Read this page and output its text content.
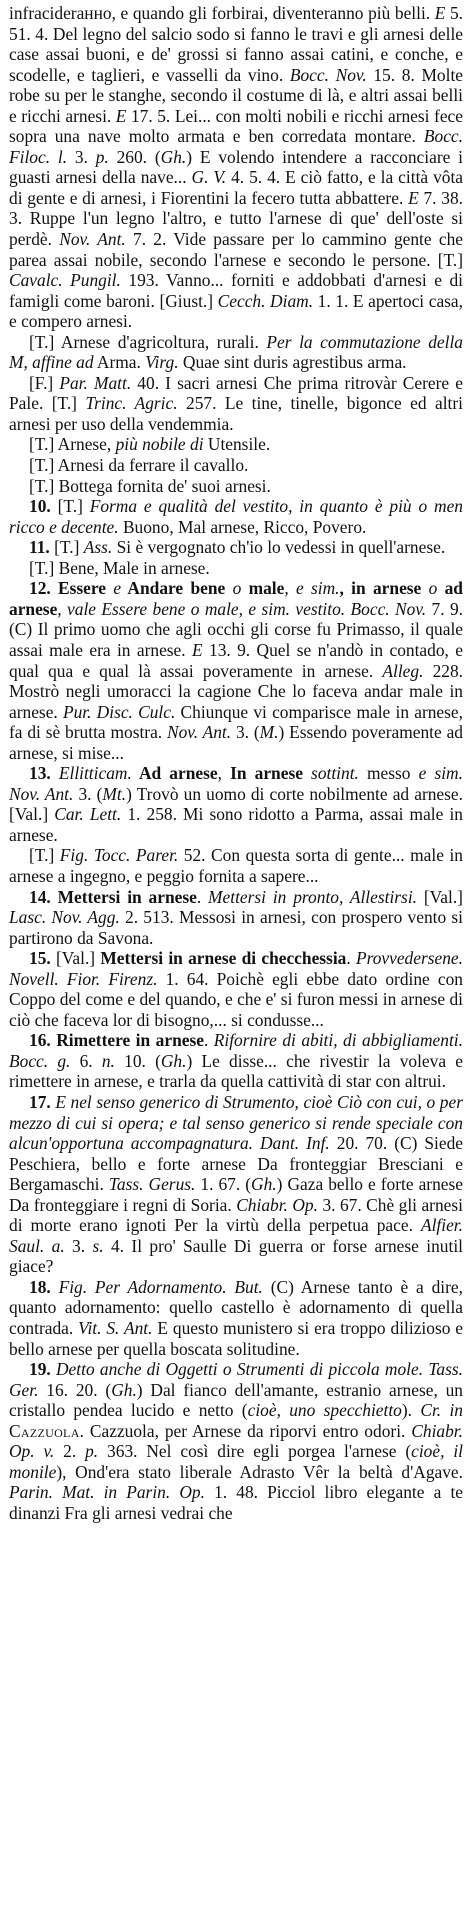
infraciderанно, e quando gli forbirai, diventeranno più belli. E 5. 51. 4. Del legno del salcio sodo si fanno le travi e gli arnesi delle case assai buoni, e de' grossi si fanno assai catini, e conche, e scodelle, e taglieri, e vasselli da vino. Bocc. Nov. 15. 8. Molte robe su per le stanghe, secondo il costume di là, e altri assai belli e ricchi arnesi. E 17. 5. Lei... con molti nobili e ricchi arnesi fece sopra una nave molto armata e ben corredata montare. Bocc. Filoc. l. 3. p. 260. (Gh.) E volendo intendere a racconciare i guasti arnesi della nave... G. V. 4. 5. 4. E ciò fatto, e la città vôta di gente e di arnesi, i Fiorentini la fecero tutta abbattere. E 7. 38. 3. Ruppe l'un legno l'altro, e tutto l'arnese di que' dell'oste si perdè. Nov. Ant. 7. 2. Vide passare per lo cammino gente che parea assai nobile, secondo l'arnese e secondo le persone. [T.] Cavalc. Pungil. 193. Vanno... forniti e addobbati d'arnesi e di famigli come baroni. [Giust.] Cecch. Diam. 1. 1. E apertoci casa, e compero arnesi.

[T.] Arnese d'agricoltura, rurali. Per la commutazione della M, affine ad Arma. Virg. Quae sint duris agrestibus arma.

[F.] Par. Matt. 40. I sacri arnesi Che prima ritrovàr Cerere e Pale. [T.] Trinc. Agric. 257. Le tine, tinelle, bigonce ed altri arnesi per uso della vendemmia.

[T.] Arnese, più nobile di Utensile.

[T.] Arnesi da ferrare il cavallo.

[T.] Bottega fornita de' suoi arnesi.

10. [T.] Forma e qualità del vestito, in quanto è più o men ricco e decente. Buono, Mal arnese, Ricco, Povero.

11. [T.] Ass. Si è vergognato ch'io lo vedessi in quell'arnese.

[T.] Bene, Male in arnese.

12. Essere e Andare bene o male, e sim., in arnese o ad arnese, vale Essere bene o male, e sim. vestito. Bocc. Nov. 7. 9. (C) Il primo uomo che agli occhi gli corse fu Primasso, il quale assai male era in arnese. E 13. 9. Quel se n'andò in contado, e qual qua e qual là assai poveramente in arnese. Alleg. 228. Mostrò negli umoracci la cagione Che lo faceva andar male in arnese. Pur. Disc. Culc. Chiunque vi comparisce male in arnese, fa di sè brutta mostra. Nov. Ant. 3. (M.) Essendo poveramente ad arnese, si mise...

13. Ellitticam. Ad arnese, In arnese sottint. messo e sim. Nov. Ant. 3. (Mt.) Trovò un uomo di corte nobilmente ad arnese. [Val.] Car. Lett. 1. 258. Mi sono ridotto a Parma, assai male in arnese.

[T.] Fig. Tocc. Parer. 52. Con questa sorta di gente... male in arnese a ingegno, e peggio fornita a sapere...

14. Mettersi in arnese. Mettersi in pronto, Allestirsi. [Val.] Lasc. Nov. Agg. 2. 513. Messosi in arnesi, con prospero vento si partirono da Savona.

15. [Val.] Mettersi in arnese di checchessia. Provvedersene. Novell. Fior. Firenz. 1. 64. Poichè egli ebbe dato ordine con Coppo del come e del quando, e che e' si furon messi in arnese di ciò che faceva lor di bisogno,... si condusse...

16. Rimettere in arnese. Rifornire di abiti, di abbigliamenti. Bocc. g. 6. n. 10. (Gh.) Le disse... che rivestir la voleva e rimettere in arnese, e trarla da quella cattività di star con altrui.

17. E nel senso generico di Strumento, cioè Ciò con cui, o per mezzo di cui si opera; e tal senso generico si rende speciale con alcun'opportuna accompagnatura. Dant. Inf. 20. 70. (C) Siede Peschiera, bello e forte arnese Da fronteggiar Bresciani e Bergamaschi. Tass. Gerus. 1. 67. (Gh.) Gaza bello e forte arnese Da fronteggiare i regni di Soria. Chiabr. Op. 3. 67. Chè gli arnesi di morte erano ignoti Per la virtù della perpetua pace. Alfier. Saul. a. 3. s. 4. Il pro' Saulle Di guerra or forse arnese inutil giace?

18. Fig. Per Adornamento. But. (C) Arnese tanto è a dire, quanto adornamento: quello castello è adornamento di quella contrada. Vit. S. Ant. E questo munistero si era troppo dilizioso e bello arnese per quella boscata solitudine.

19. Detto anche di Oggetti o Strumenti di piccola mole. Tass. Ger. 16. 20. (Gh.) Dal fianco dell'amante, estranio arnese, un cristallo pendea lucido e netto (cioè, uno specchietto). Cr. in Cazzuola. Cazzuola, per Arnese da riporvi entro odori. Chiabr. Op. v. 2. p. 363. Nel così dire egli porgea l'arnese (cioè, il monile), Ond'era stato liberale Adrasto Vêr la beltà d'Agave. Parin. Mat. in Parin. Op. 1. 48. Picciol libro elegante a te dinanzi Fra gli arnesi vedrai che
